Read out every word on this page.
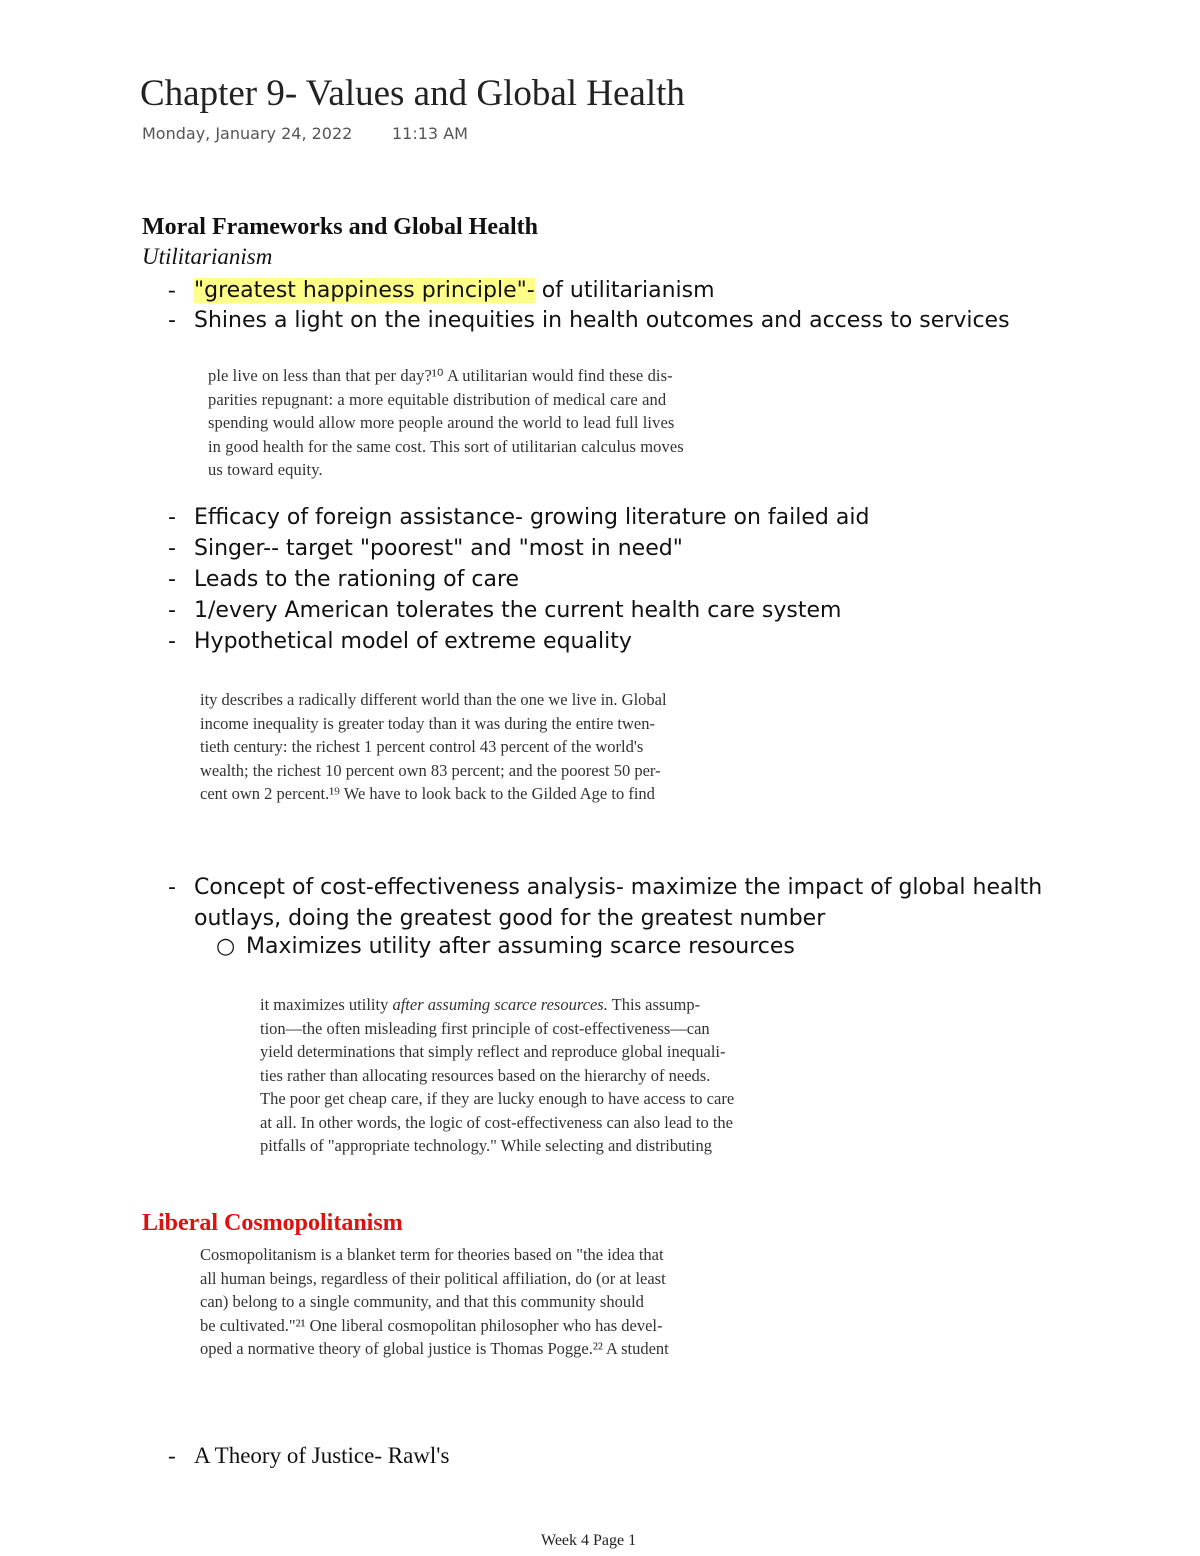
Chapter 9- Values and Global Health
Monday, January 24, 2022 11:13 AM
Moral Frameworks and Global Health
Utilitarianism
- "greatest happiness principle"- of utilitarianism
- Shines a light on the inequities in health outcomes and access to services
ple live on less than that per day?¹⁰ A utilitarian would find these dis-
parities repugnant: a more equitable distribution of medical care and
spending would allow more people around the world to lead full lives
in good health for the same cost. This sort of utilitarian calculus moves
us toward equity.
- Efficacy of foreign assistance- growing literature on failed aid
- Singer-- target "poorest" and "most in need"
- Leads to the rationing of care
- 1/every American tolerates the current health care system
- Hypothetical model of extreme equality
ity describes a radically different world than the one we live in. Global
income inequality is greater today than it was during the entire twen-
tieth century: the richest 1 percent control 43 percent of the world's
wealth; the richest 10 percent own 83 percent; and the poorest 50 per-
cent own 2 percent.¹⁹ We have to look back to the Gilded Age to find
- Concept of cost-effectiveness analysis- maximize the impact of global health
outlays, doing the greatest good for the greatest number
○ Maximizes utility after assuming scarce resources
it maximizes utility after assuming scarce resources. This assump-
tion—the often misleading first principle of cost-effectiveness—can
yield determinations that simply reflect and reproduce global inequali-
ties rather than allocating resources based on the hierarchy of needs.
The poor get cheap care, if they are lucky enough to have access to care
at all. In other words, the logic of cost-effectiveness can also lead to the
pitfalls of "appropriate technology." While selecting and distributing
Liberal Cosmopolitanism
Cosmopolitanism is a blanket term for theories based on "the idea that
all human beings, regardless of their political affiliation, do (or at least
can) belong to a single community, and that this community should
be cultivated."²¹ One liberal cosmopolitan philosopher who has devel-
oped a normative theory of global justice is Thomas Pogge.²² A student
- A Theory of Justice- Rawl's
Week 4 Page 1
